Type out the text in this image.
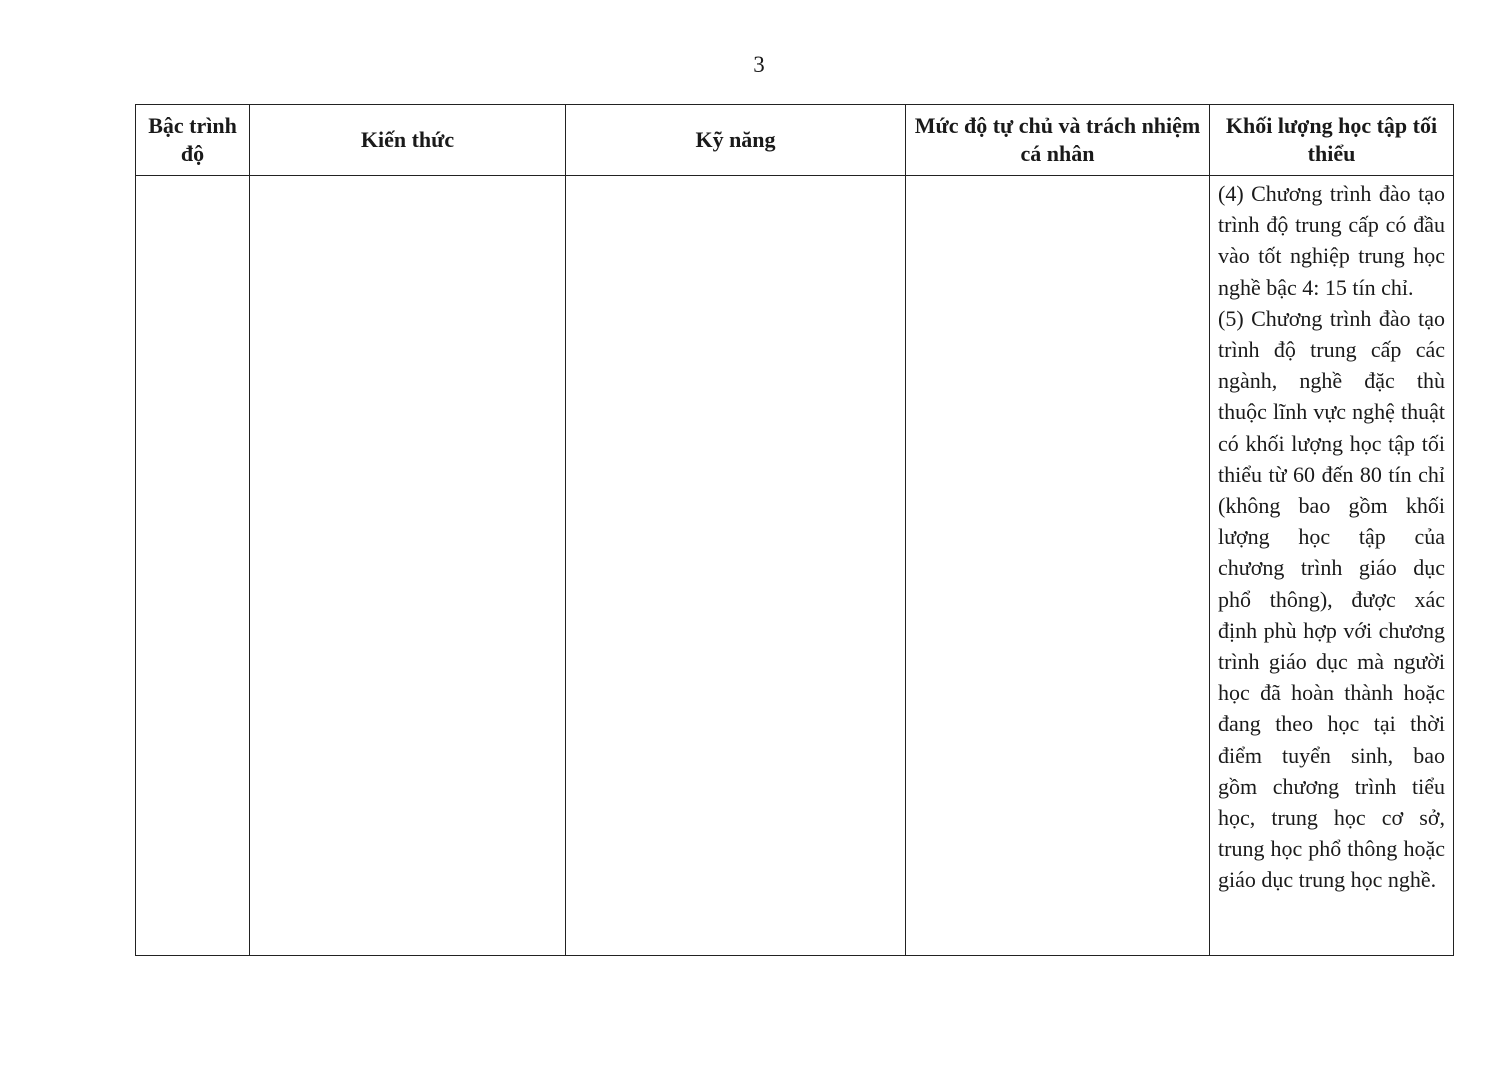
3
Bậc trình độ	Kiến thức	Kỹ năng	Mức độ tự chủ và trách nhiệm cá nhân	Khối lượng học tập tối thiểu

				(4) Chương trình đào tạo trình độ trung cấp có đầu vào tốt nghiệp trung học nghề bậc 4: 15 tín chỉ.

(5) Chương trình đào tạo trình độ trung cấp các ngành, nghề đặc thù thuộc lĩnh vực nghệ thuật có khối lượng học tập tối thiểu từ 60 đến 80 tín chỉ (không bao gồm khối lượng học tập của chương trình giáo dục phổ thông), được xác định phù hợp với chương trình giáo dục mà người học đã hoàn thành hoặc đang theo học tại thời điểm tuyển sinh, bao gồm chương trình tiểu học, trung học cơ sở, trung học phổ thông hoặc giáo dục trung học nghề.
